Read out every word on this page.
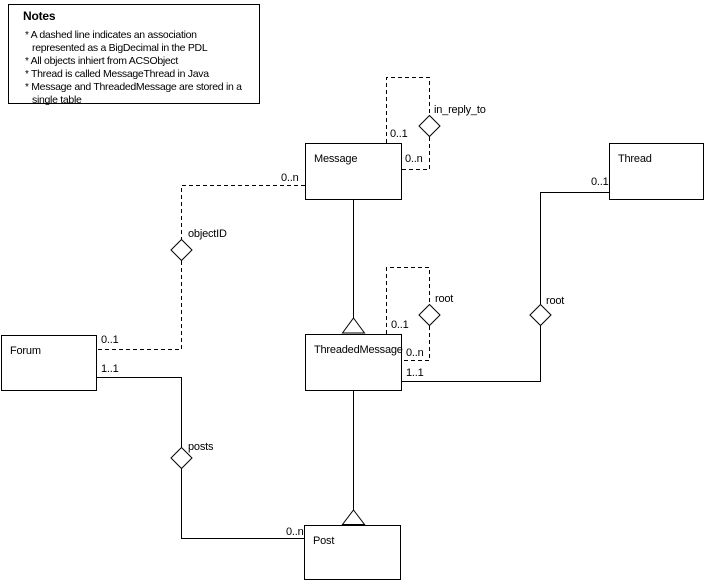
Notes
* A dashed line indicates an association represented as a BigDecimal in the PDL
* All objects inhiert from ACSObject
* Thread is called MessageThread in Java
* Message and ThreadedMessage are stored in a single table
Message	Thread
Forum	ThreadedMessage
Post
0..1
in_reply_to
0..n
0..n
objectID
0..1
0..1
root
0..n
0..1
root
1..1
1..1
posts
0..n
